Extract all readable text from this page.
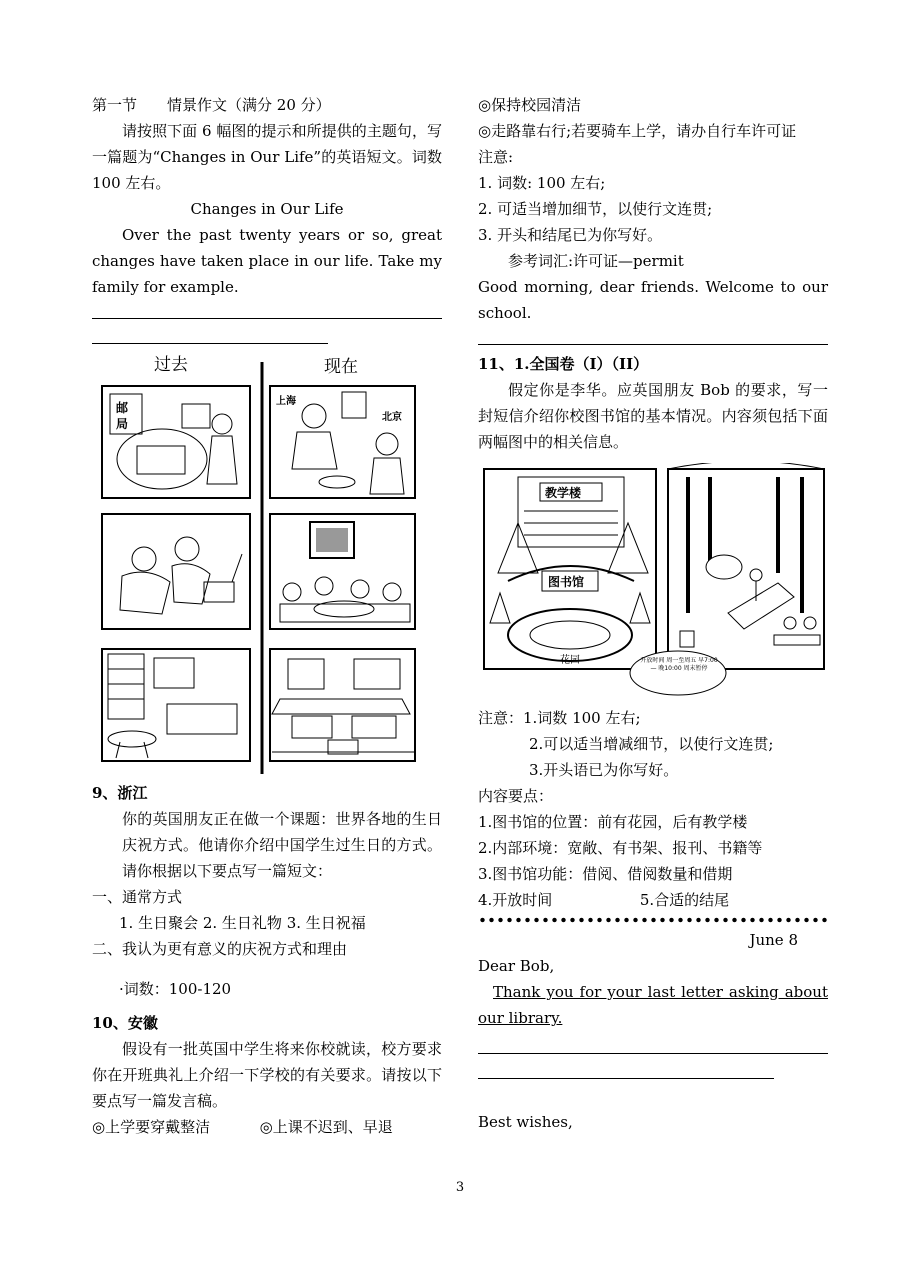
第一节　　情景作文（满分 20 分）
请按照下面 6 幅图的提示和所提供的主题句，写一篇题为“Changes in Our Life”的英语短文。词数 100 左右。
Changes in Our Life
Over the past twenty years or so, great changes have taken place in our life. Take my family for example.
过去	现在
邮
局
上海
北京
9、浙江
你的英国朋友正在做一个课题：世界各地的生日庆祝方式。他请你介绍中国学生过生日的方式。请你根据以下要点写一篇短文：
一、通常方式
1. 生日聚会 2. 生日礼物 3. 生日祝福
二、我认为更有意义的庆祝方式和理由
·词数：100-120
10、安徽
假设有一批英国中学生将来你校就读，校方要求你在开班典礼上介绍一下学校的有关要求。请按以下要点写一篇发言稿。
◎上学要穿戴整洁	◎上课不迟到、早退
◎保持校园清洁
◎走路靠右行;若要骑车上学，请办自行车许可证
注意:
1. 词数: 100 左右;
2. 可适当增加细节，以使行文连贯;
3. 开头和结尾已为你写好。
参考词汇:许可证—permit
Good morning, dear friends. Welcome to our school.
11、1.全国卷（I）（II）
假定你是李华。应英国朋友 Bob 的要求，写一封短信介绍你校图书馆的基本情况。内容须包括下面两幅图中的相关信息。
教学楼
图书馆
花园	开放时间 周一至周五 早7:00 — 晚10:00 周末暂停
注意：1.词数 100 左右;
2.可以适当增减细节，以使行文连贯;
3.开头语已为你写好。
内容要点：
1.图书馆的位置：前有花园，后有教学楼
2.内部环境：宽敞、有书架、报刊、书籍等
3.图书馆功能：借阅、借阅数量和借期
4.开放时间	5.合适的结尾
June 8
Dear Bob,
Thank you for your last letter asking about our library.
Best wishes,
3
